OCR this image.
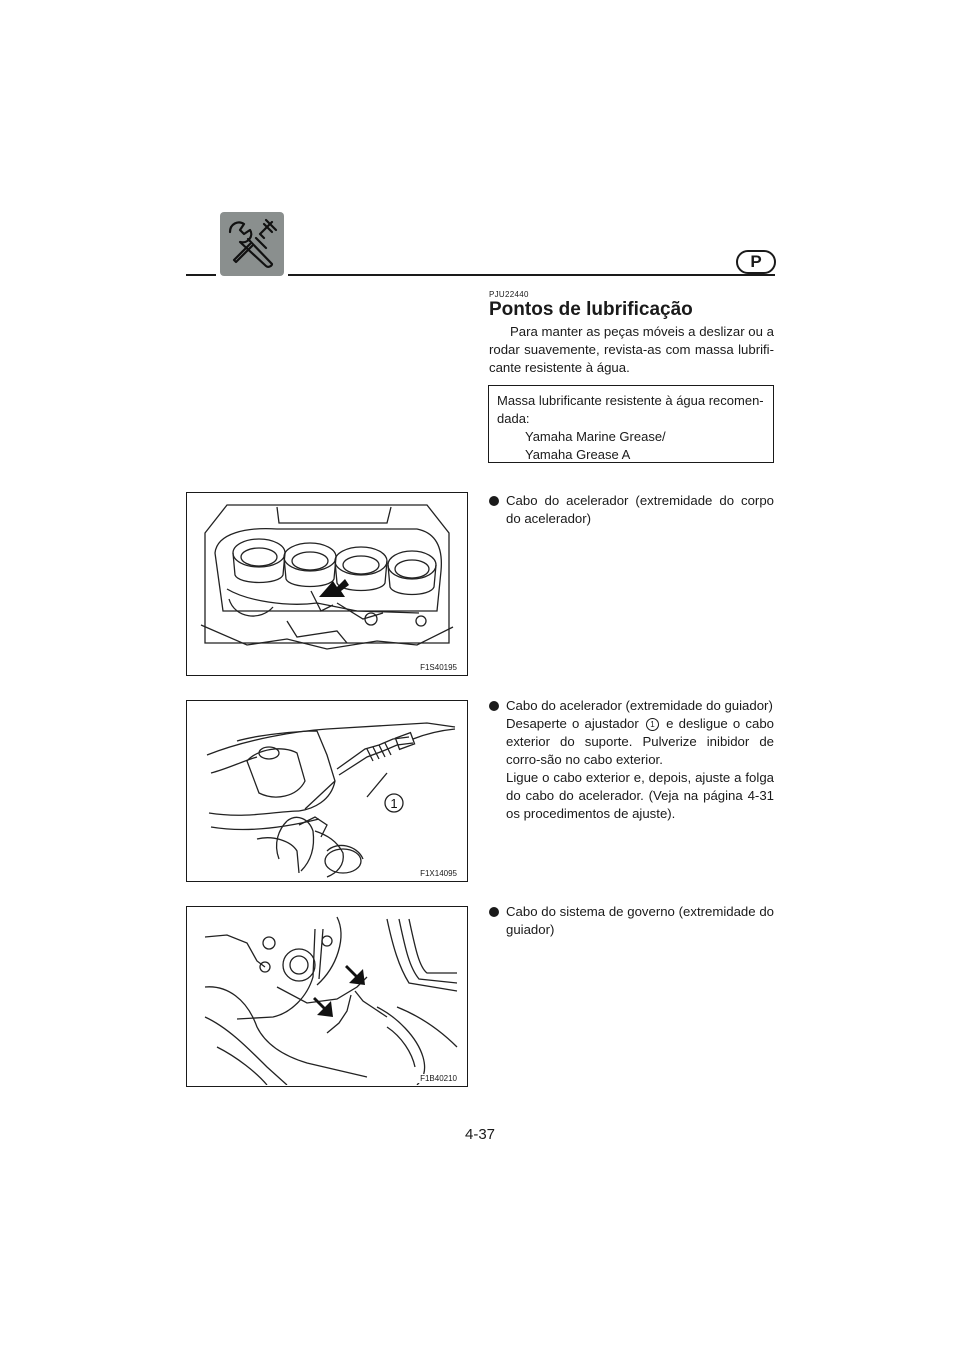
P
PJU22440
Pontos de lubrificação

Para manter as peças móveis a deslizar ou a rodar suavemente, revista-as com massa lubrifi-cante resistente à água.

Massa lubrificante resistente à água recomen-dada:
Yamaha Marine Grease/
Yamaha Grease A

Cabo do acelerador (extremidade do corpo do acelerador)

Cabo do acelerador (extremidade do guiador)

Desaperte o ajustador 1 e desligue o cabo exterior do suporte. Pulverize inibidor de corro-são no cabo exterior.

Ligue o cabo exterior e, depois, ajuste a folga do cabo do acelerador. (Veja na página 4-31 os procedimentos de ajuste).

Cabo do sistema de governo (extremidade do guiador)

F1S40195
1
F1X14095
F1B40210
4-37
